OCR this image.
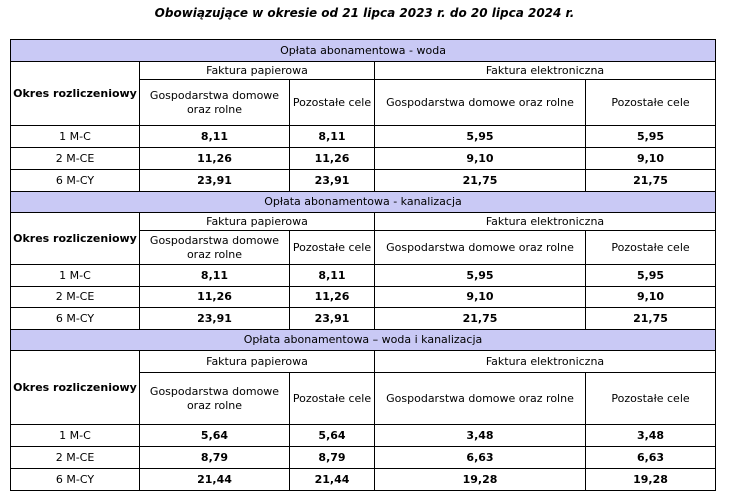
Obowiązujące w okresie od 21 lipca 2023 r. do 20 lipca 2024 r.
Opłata abonamentowa - woda				
Okres rozliczeniowy	Faktura papierowa		Faktura elektroniczna	
	Gospodarstwa domowe oraz rolne	Pozostałe cele	Gospodarstwa domowe oraz rolne	Pozostałe cele
1 M-C	8,11	8,11	5,95	5,95
2 M-CE	11,26	11,26	9,10	9,10
6 M-CY	23,91	23,91	21,75	21,75
Opłata abonamentowa - kanalizacja				
Okres rozliczeniowy	Faktura papierowa		Faktura elektroniczna	
	Gospodarstwa domowe oraz rolne	Pozostałe cele	Gospodarstwa domowe oraz rolne	Pozostałe cele
1 M-C	8,11	8,11	5,95	5,95
2 M-CE	11,26	11,26	9,10	9,10
6 M-CY	23,91	23,91	21,75	21,75
Opłata abonamentowa – woda i kanalizacja				
Okres rozliczeniowy	Faktura papierowa		Faktura elektroniczna	
	Gospodarstwa domowe oraz rolne	Pozostałe cele	Gospodarstwa domowe oraz rolne	Pozostałe cele
1 M-C	5,64	5,64	3,48	3,48
2 M-CE	8,79	8,79	6,63	6,63
6 M-CY	21,44	21,44	19,28	19,28
